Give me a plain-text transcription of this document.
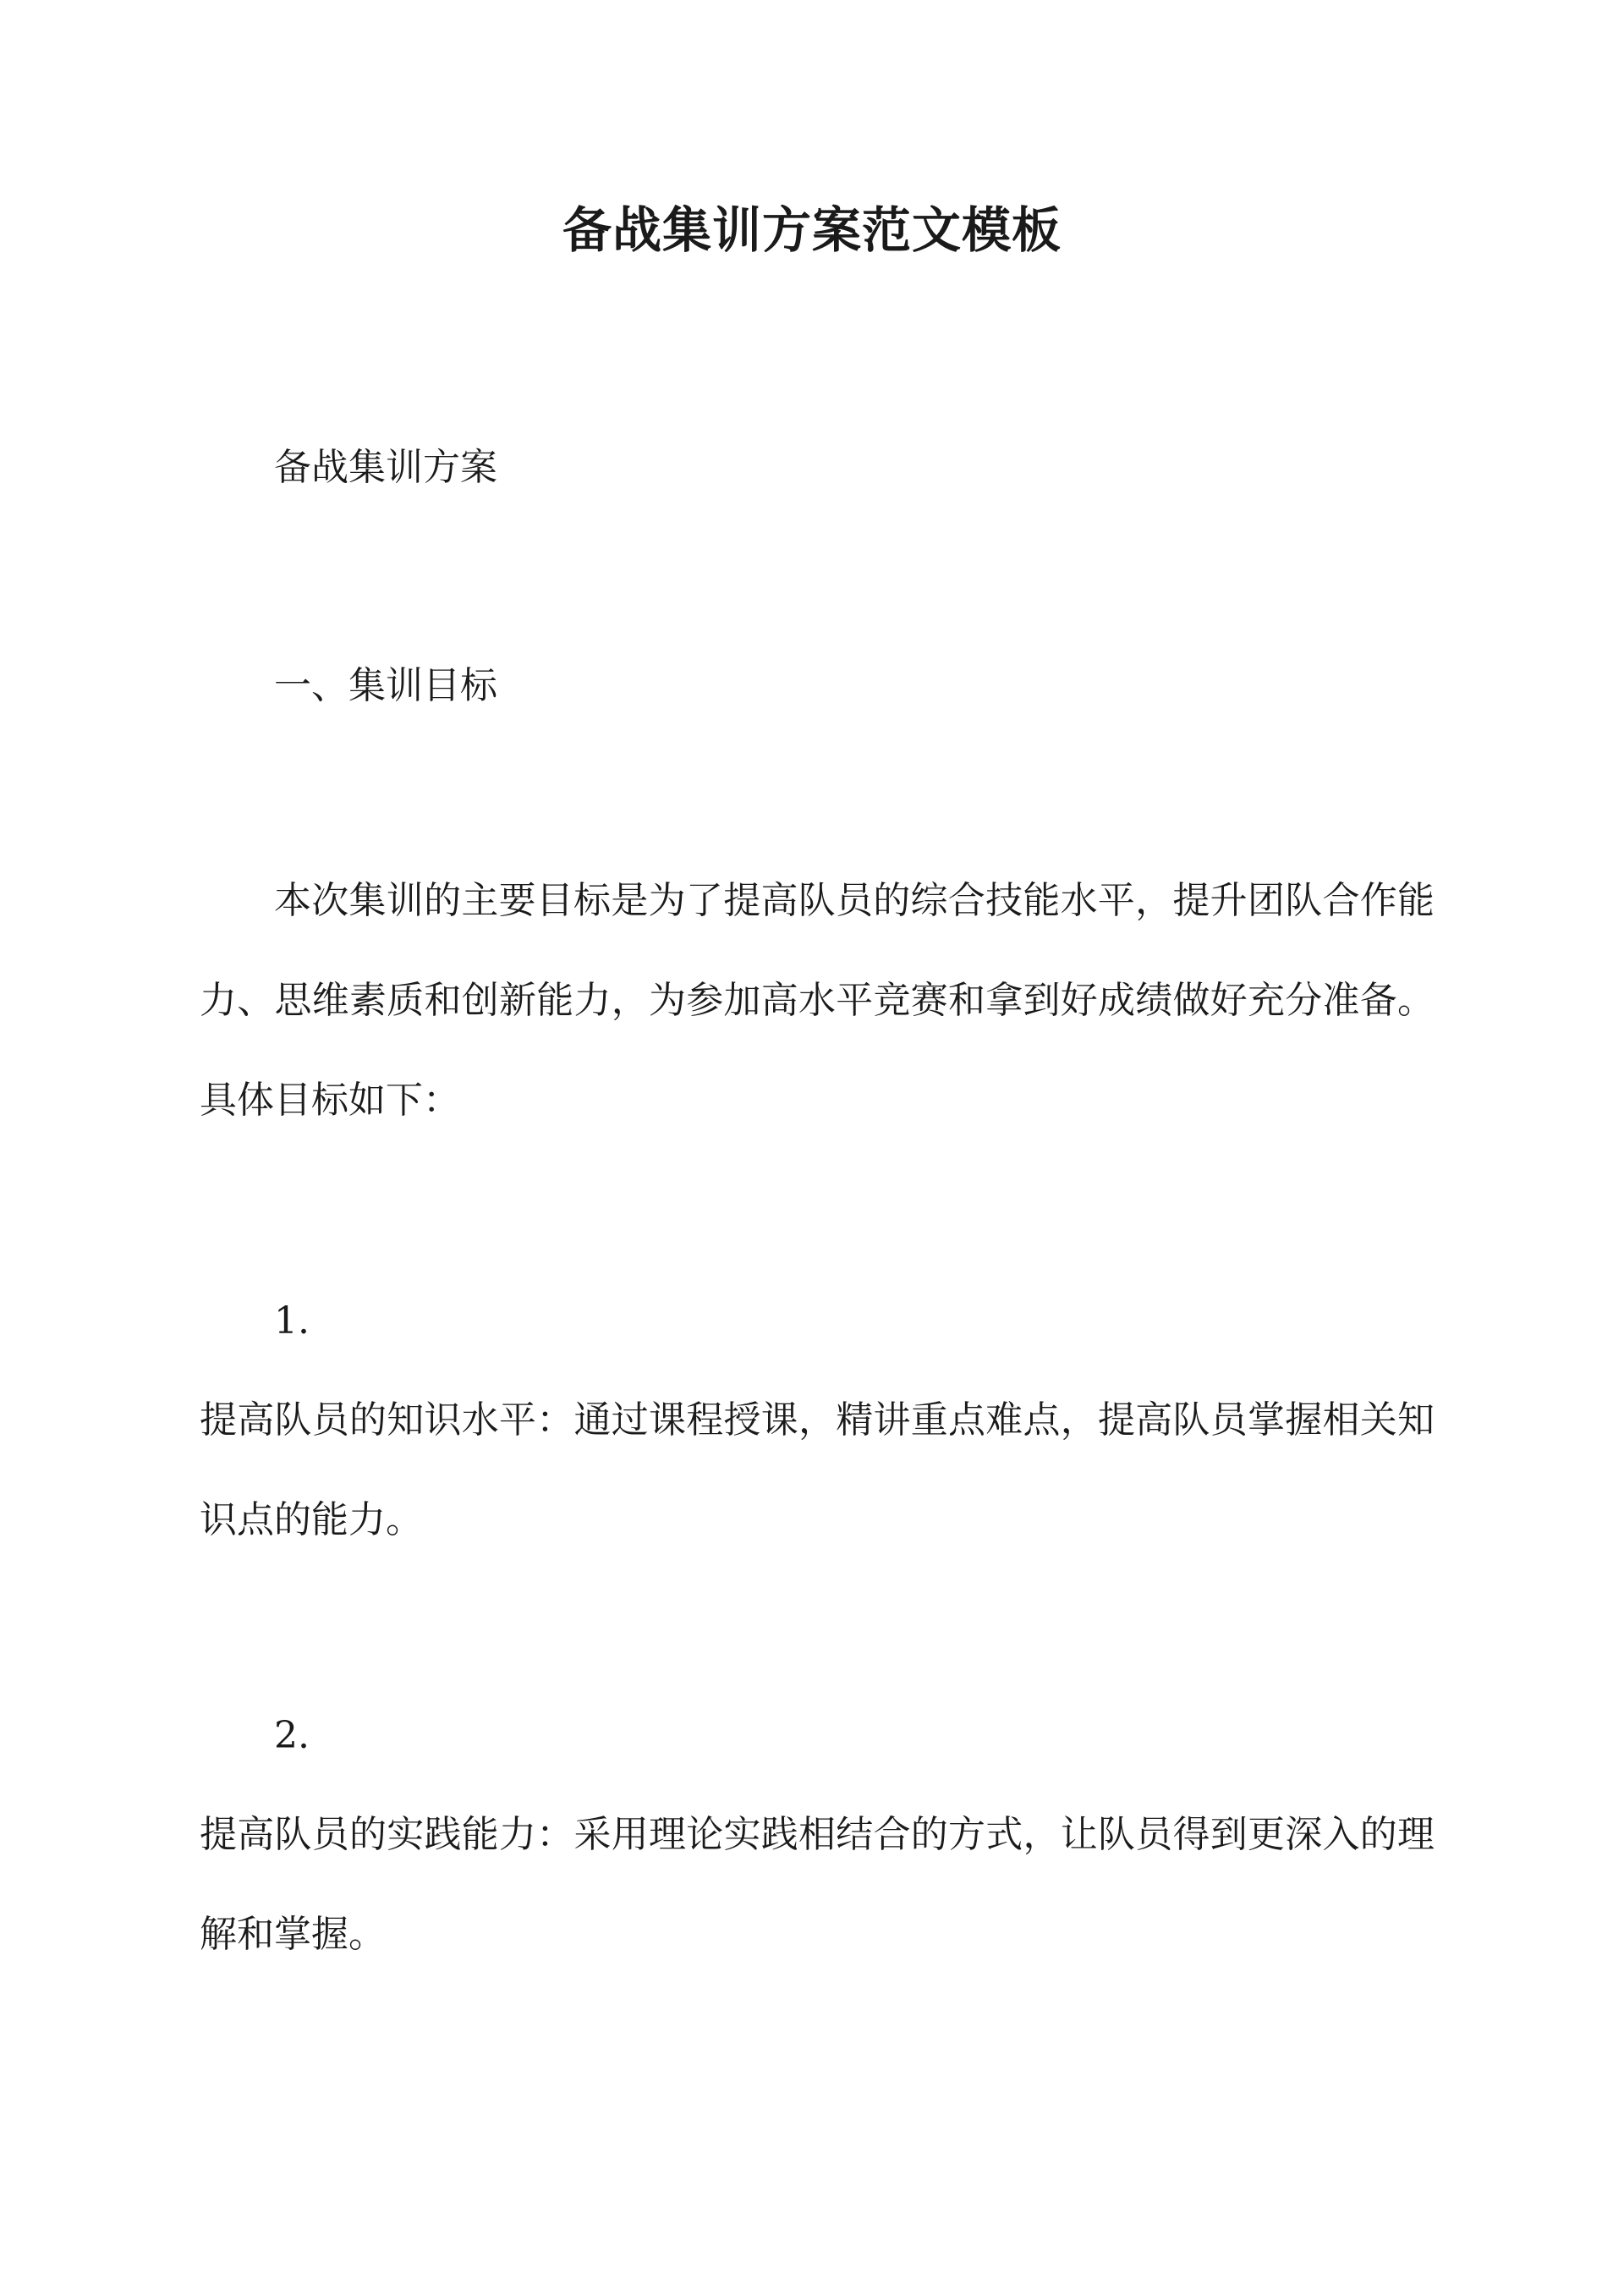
备战集训方案范文模板

备战集训方案

一、集训目标

本次集训的主要目标是为了提高队员的综合技能水平，提升团队合作能力、思维素质和创新能力，为参加高水平竞赛和拿到好成绩做好充分准备。具体目标如下：

1.

提高队员的知识水平：通过课程授课，精讲重点难点，提高队员掌握相关知识点的能力。

2.

提高队员的实践能力：采用理论实践相结合的方式，让队员得到更深入的理解和掌握。
